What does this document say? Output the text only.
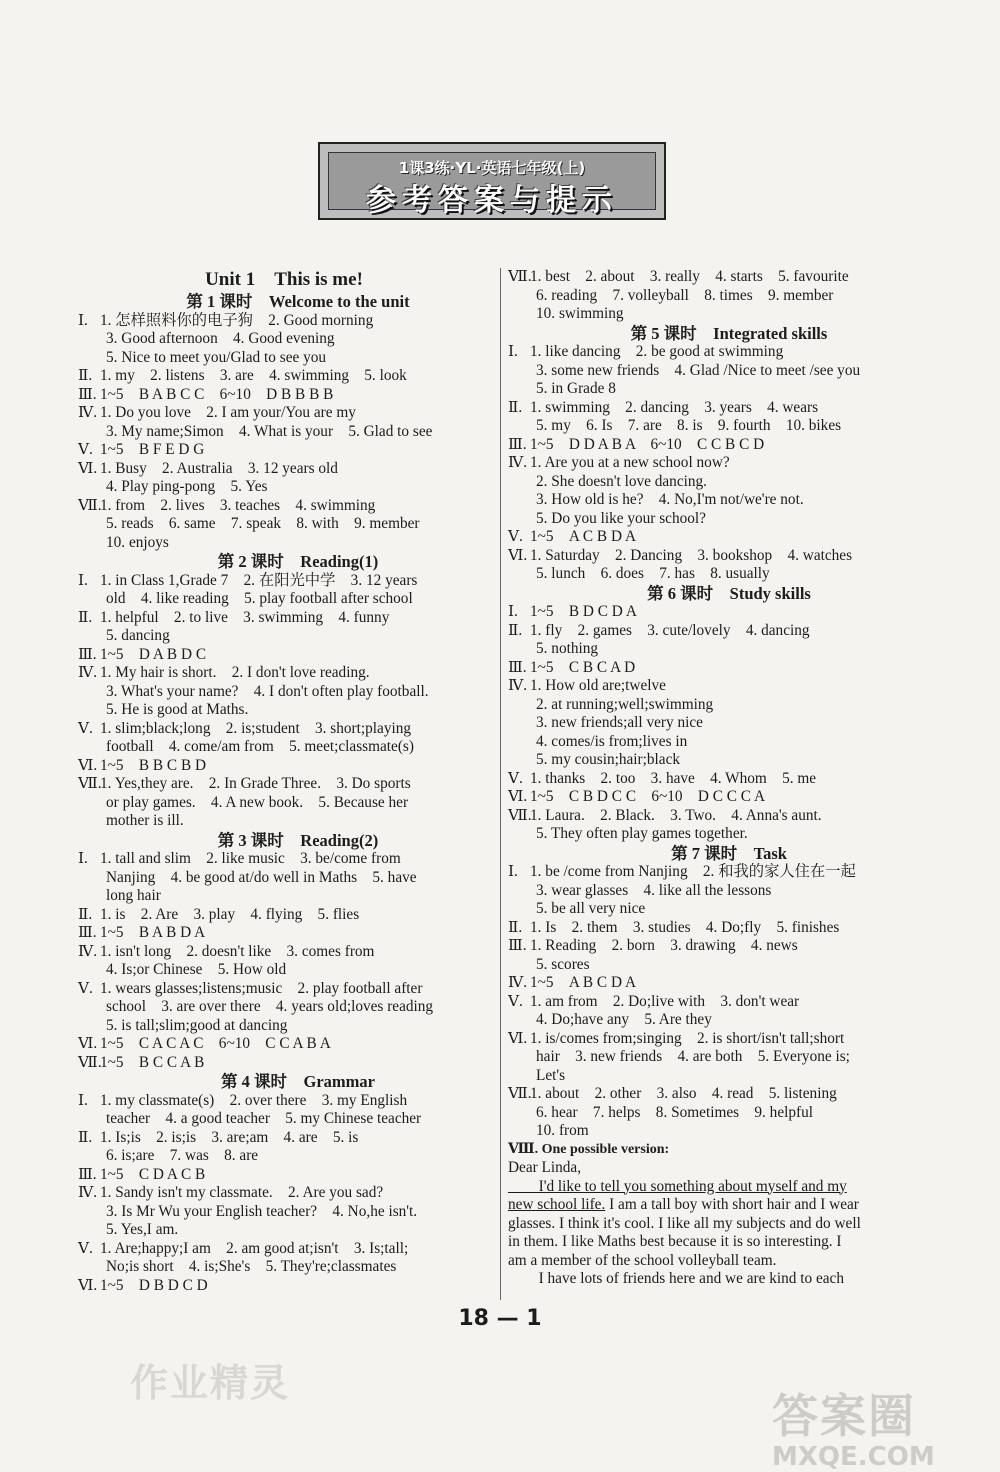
1课3练·YL·英语七年级(上)
参考答案与提示
Unit 1　This is me!
第 1 课时　Welcome to the unit
Ⅰ. 1. 怎样照料你的电子狗　2. Good morning
3. Good afternoon　4. Good evening
5. Nice to meet you/Glad to see you
Ⅱ. 1. my　2. listens　3. are　4. swimming　5. look
Ⅲ. 1~5　B A B C C　6~10　D B B B B
Ⅳ. 1. Do you love　2. I am your/You are my
3. My name;Simon　4. What is your　5. Glad to see
Ⅴ. 1~5　B F E D G
Ⅵ. 1. Busy　2. Australia　3. 12 years old
4. Play ping-pong　5. Yes
Ⅶ.1. from　2. lives　3. teaches　4. swimming
5. reads　6. same　7. speak　8. with　9. member
10. enjoys
第 2 课时　Reading(1)
Ⅰ. 1. in Class 1,Grade 7　2. 在阳光中学　3. 12 years
old　4. like reading　5. play football after school
Ⅱ. 1. helpful　2. to live　3. swimming　4. funny
5. dancing
Ⅲ. 1~5　D A B D C
Ⅳ. 1. My hair is short.　2. I don't love reading.
3. What's your name?　4. I don't often play football.
5. He is good at Maths.
Ⅴ. 1. slim;black;long　2. is;student　3. short;playing
football　4. come/am from　5. meet;classmate(s)
Ⅵ. 1~5　B B C B D
Ⅶ.1. Yes,they are.　2. In Grade Three.　3. Do sports
or play games.　4. A new book.　5. Because her
mother is ill.
第 3 课时　Reading(2)
Ⅰ. 1. tall and slim　2. like music　3. be/come from
Nanjing　4. be good at/do well in Maths　5. have
long hair
Ⅱ. 1. is　2. Are　3. play　4. flying　5. flies
Ⅲ. 1~5　B A B D A
Ⅳ. 1. isn't long　2. doesn't like　3. comes from
4. Is;or Chinese　5. How old
Ⅴ. 1. wears glasses;listens;music　2. play football after
school　3. are over there　4. years old;loves reading
5. is tall;slim;good at dancing
Ⅵ. 1~5　C A C A C　6~10　C C A B A
Ⅶ.1~5　B C C A B
第 4 课时　Grammar
Ⅰ. 1. my classmate(s)　2. over there　3. my English
teacher　4. a good teacher　5. my Chinese teacher
Ⅱ. 1. Is;is　2. is;is　3. are;am　4. are　5. is
6. is;are　7. was　8. are
Ⅲ. 1~5　C D A C B
Ⅳ. 1. Sandy isn't my classmate.　2. Are you sad?
3. Is Mr Wu your English teacher?　4. No,he isn't.
5. Yes,I am.
Ⅴ. 1. Are;happy;I am　2. am good at;isn't　3. Is;tall;
No;is short　4. is;She's　5. They're;classmates
Ⅵ. 1~5　D B D C D
Ⅶ.1. best　2. about　3. really　4. starts　5. favourite
6. reading　7. volleyball　8. times　9. member
10. swimming
第 5 课时　Integrated skills
Ⅰ. 1. like dancing　2. be good at swimming
3. some new friends　4. Glad /Nice to meet /see you
5. in Grade 8
Ⅱ. 1. swimming　2. dancing　3. years　4. wears
5. my　6. Is　7. are　8. is　9. fourth　10. bikes
Ⅲ. 1~5　D D A B A　6~10　C C B C D
Ⅳ. 1. Are you at a new school now?
2. She doesn't love dancing.
3. How old is he?　4. No,I'm not/we're not.
5. Do you like your school?
Ⅴ. 1~5　A C B D A
Ⅵ. 1. Saturday　2. Dancing　3. bookshop　4. watches
5. lunch　6. does　7. has　8. usually
第 6 课时　Study skills
Ⅰ. 1~5　B D C D A
Ⅱ. 1. fly　2. games　3. cute/lovely　4. dancing
5. nothing
Ⅲ. 1~5　C B C A D
Ⅳ. 1. How old are;twelve
2. at running;well;swimming
3. new friends;all very nice
4. comes/is from;lives in
5. my cousin;hair;black
Ⅴ. 1. thanks　2. too　3. have　4. Whom　5. me
Ⅵ. 1~5　C B D C C　6~10　D C C C A
Ⅶ.1. Laura.　2. Black.　3. Two.　4. Anna's aunt.
5. They often play games together.
第 7 课时　Task
Ⅰ. 1. be /come from Nanjing　2. 和我的家人住在一起
3. wear glasses　4. like all the lessons
5. be all very nice
Ⅱ. 1. Is　2. them　3. studies　4. Do;fly　5. finishes
Ⅲ. 1. Reading　2. born　3. drawing　4. news
5. scores
Ⅳ. 1~5　A B C D A
Ⅴ. 1. am from　2. Do;live with　3. don't wear
4. Do;have any　5. Are they
Ⅵ. 1. is/comes from;singing　2. is short/isn't tall;short
hair　3. new friends　4. are both　5. Everyone is;
Let's
Ⅶ.1. about　2. other　3. also　4. read　5. listening
6. hear　7. helps　8. Sometimes　9. helpful
10. from
Ⅷ. One possible version:
Dear Linda,
　　I'd like to tell you something about myself and my
new school life. I am a tall boy with short hair and I wear
glasses. I think it's cool. I like all my subjects and do well
in them. I like Maths best because it is so interesting. I
am a member of the school volleyball team.
　　I have lots of friends here and we are kind to each
18 — 1
作业精灵
答案圈
MXQE.COM
